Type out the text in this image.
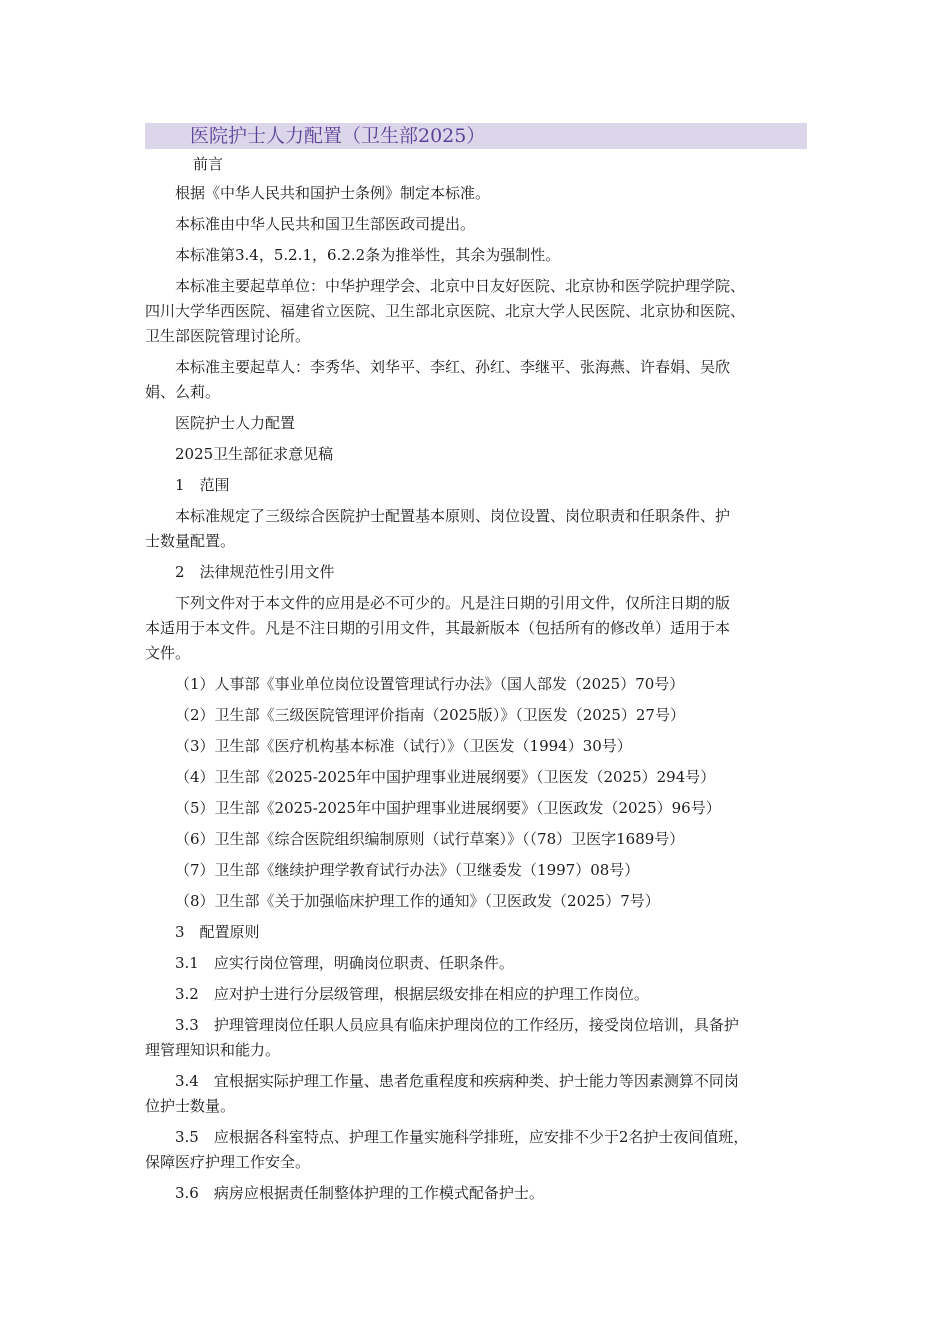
医院护士人力配置（卫生部2025）
前言
根据《中华人民共和国护士条例》制定本标准。
本标准由中华人民共和国卫生部医政司提出。
本标准第3.4，5.2.1，6.2.2条为推举性，其余为强制性。
本标准主要起草单位：中华护理学会、北京中日友好医院、北京协和医学院护理学院、
四川大学华西医院、福建省立医院、卫生部北京医院、北京大学人民医院、北京协和医院、
卫生部医院管理讨论所。
本标准主要起草人：李秀华、刘华平、李红、孙红、李继平、张海燕、许春娟、吴欣
娟、么莉。
医院护士人力配置
2025卫生部征求意见稿
1　范围
本标准规定了三级综合医院护士配置基本原则、岗位设置、岗位职责和任职条件、护
士数量配置。
2　法律规范性引用文件
下列文件对于本文件的应用是必不可少的。凡是注日期的引用文件，仅所注日期的版
本适用于本文件。凡是不注日期的引用文件，其最新版本（包括所有的修改单）适用于本
文件。
（1）人事部《事业单位岗位设置管理试行办法》（国人部发（2025）70号）
（2）卫生部《三级医院管理评价指南（2025版）》（卫医发（2025）27号）
（3）卫生部《医疗机构基本标准（试行）》（卫医发（1994）30号）
（4）卫生部《2025-2025年中国护理事业进展纲要》（卫医发（2025）294号）
（5）卫生部《2025-2025年中国护理事业进展纲要》（卫医政发（2025）96号）
（6）卫生部《综合医院组织编制原则（试行草案）》（（78）卫医字1689号）
（7）卫生部《继续护理学教育试行办法》（卫继委发（1997）08号）
（8）卫生部《关于加强临床护理工作的通知》（卫医政发（2025）7号）
3　配置原则
3.1　应实行岗位管理，明确岗位职责、任职条件。
3.2　应对护士进行分层级管理，根据层级安排在相应的护理工作岗位。
3.3　护理管理岗位任职人员应具有临床护理岗位的工作经历，接受岗位培训，具备护
理管理知识和能力。
3.4　宜根据实际护理工作量、患者危重程度和疾病种类、护士能力等因素测算不同岗
位护士数量。
3.5　应根据各科室特点、护理工作量实施科学排班，应安排不少于2名护士夜间值班，
保障医疗护理工作安全。
3.6　病房应根据责任制整体护理的工作模式配备护士。
